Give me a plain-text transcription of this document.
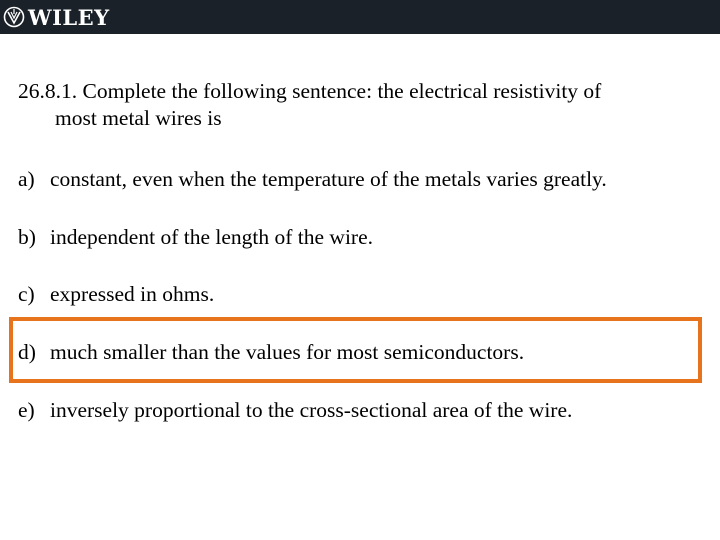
WILEY
26.8.1. Complete the following sentence: the electrical resistivity of
most metal wires is
a) constant, even when the temperature of the metals varies greatly.
b) independent of the length of the wire.
c) expressed in ohms.
d) much smaller than the values for most semiconductors.
e) inversely proportional to the cross-sectional area of the wire.
